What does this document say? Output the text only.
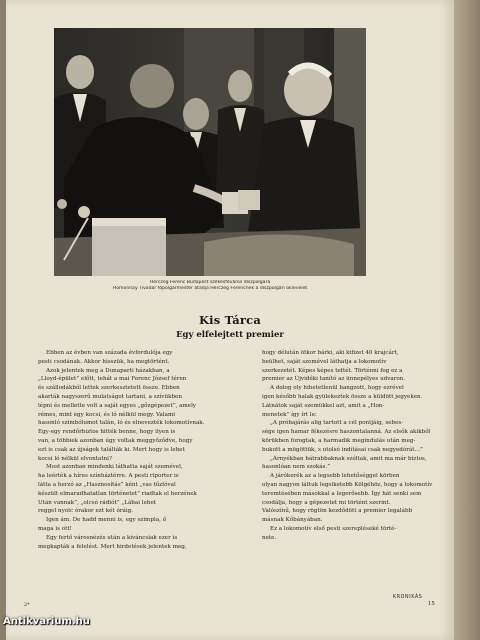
Herczeg Ferenc Budapest székesfőváros díszpolgára
Homonnay Tivadar főpolgármester átadja Herczeg Ferencnek a díszpolgári oklevelet
Kis Tárca
Egy elfelejtett premier
Ebben az évben van százada évfordulója egy
pesti csodának. Akkor hisszük, ha megtörtént.
Azok jelentek meg a Dunaparti házakban, a
„Lloyd-épület” előtt, tehát a mai Ferenc József téren
és szállodákból lettek szerkesztetett össze. Ebben
akarták nagyszerű mulatságot tartani, a szívükben
lépni és mellette volt a saját egyes „gőzgépezet”, amely
rémes, mint egy kocsi, és ló nélkül megy. Valami
hasonló szimbólumot talán, ló és elnevezték lokomotívnak.
Egy-egy rendőrbiztos hitték benne, hogy ilyen is
van, a többiek azonban úgy voltak meggyőződve, hogy
ezt is csak az újságok találták ki. Mert hogy is lehet
kocsi ló nélkül elvontatni?
Most azonban mindenki láthatta saját szemével,
ha leérték a híres színháztérre. A pesti riporter is
látta a herzó az „Hasznosítás” ként „vas tűzlóval
készült elmaradhatatlan történetet” riadtak el herzének
Után vannak”, „olcsó rádiót” „Lábai lehet
reggel nyolc órakor ezt két óráig.
Igen ám. De hadd menni is, egy szimpla, ő
maga is ott!
Egy fertő városnézés után a kiváncsiak ezer is
megkapták a felelést. Mert hirdetések jelentek meg,
hogy délután ötkor bárki, aki kifizet 40 krajcárt,
beülhet, saját szemével láthatja a lokomotív
szerkezetét. Képes képes tettét. Történni fog ez a
premier az Újvidéki tanító az ünnepélyes udvaron.
A dolog oly hihetetlenül hangzott, hogy ezrével
igen később halak gyülekeztek össze a küldött jegyeken.
Látnátok saját szemükkel azt, amit a „Hon-
menetek” így írt le:
„A próbajárás alig tartott a cél pontjáig, sebes-
sége igen hamar fékezésre haszontalanná. Az elsők akikből
körükben forogtak, a harmadik megindulás után meg-
bukott a mögöttük, s utolsó indításai csak negyedórát…”
„Árnyékban bátrabbaknak szóltak, amit ma már biztos,
hasonlóan nem szokás.”
A járókerék az a legsebb lehetőséggel körben
olyan nagyon láttuk legsiketebb Kölgéhöz, hogy a lokomotív
teremtésében másokkal a legerősebb. Így hát senki sem
csodálja, hogy a gépezetet mi történt szerint.
Valószínű, hogy rögtön kezdődött a premier legalább
másnak Kőbányában.
Ez a lokomotív első pesti szerepléseké törté-
nete.
KRONIKÁS
2*	15
Antikvarium.hu
